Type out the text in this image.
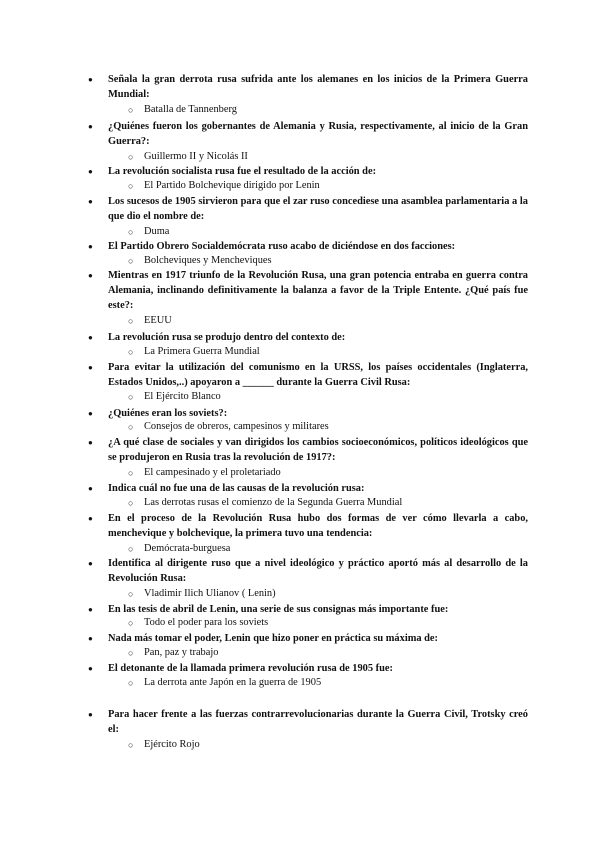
● Señala la gran derrota rusa sufrida ante los alemanes en los inicios de la Primera Guerra Mundial:
○ Batalla de Tannenberg
● ¿Quiénes fueron los gobernantes de Alemania y Rusia, respectivamente, al inicio de la Gran Guerra?:
○ Guillermo II y Nicolás II
● La revolución socialista rusa fue el resultado de la acción de:
○ El Partido Bolchevique dirigido por Lenin
● Los sucesos de 1905 sirvieron para que el zar ruso concediese una asamblea parlamentaria a la que dio el nombre de:
○ Duma
● El Partido Obrero Socialdemócrata ruso acabo de diciéndose en dos facciones:
○ Bolcheviques y Mencheviques
● Mientras en 1917 triunfo de la Revolución Rusa, una gran potencia entraba en guerra contra Alemania, inclinando definitivamente la balanza a favor de la Triple Entente. ¿Qué país fue este?:
○ EEUU
● La revolución rusa se produjo dentro del contexto de:
○ La Primera Guerra Mundial
● Para evitar la utilización del comunismo en la URSS, los países occidentales (Inglaterra, Estados Unidos,..) apoyaron a ______ durante la Guerra Civil Rusa:
○ El Ejército Blanco
● ¿Quiénes eran los soviets?:
○ Consejos de obreros, campesinos y militares
● ¿A qué clase de sociales y van dirigidos los cambios socioeconómicos, políticos ideológicos que se produjeron en Rusia tras la revolución de 1917?:
○ El campesinado y el proletariado
● Indica cuál no fue una de las causas de la revolución rusa:
○ Las derrotas rusas el comienzo de la Segunda Guerra Mundial
● En el proceso de la Revolución Rusa hubo dos formas de ver cómo llevarla a cabo, menchevique y bolchevique, la primera tuvo una tendencia:
○ Demócrata-burguesa
● Identifica al dirigente ruso que a nivel ideológico y práctico aportó más al desarrollo de la Revolución Rusa:
○ Vladimir Ilich Ulianov ( Lenin)
● En las tesis de abril de Lenin, una serie de sus consignas más importante fue:
○ Todo el poder para los soviets
● Nada más tomar el poder, Lenin que hizo poner en práctica su máxima de:
○ Pan, paz y trabajo
● El detonante de la llamada primera revolución rusa de 1905 fue:
○ La derrota ante Japón en la guerra de 1905
● Para hacer frente a las fuerzas contrarrevolucionarias durante la Guerra Civil, Trotsky creó el:
○ Ejército Rojo
